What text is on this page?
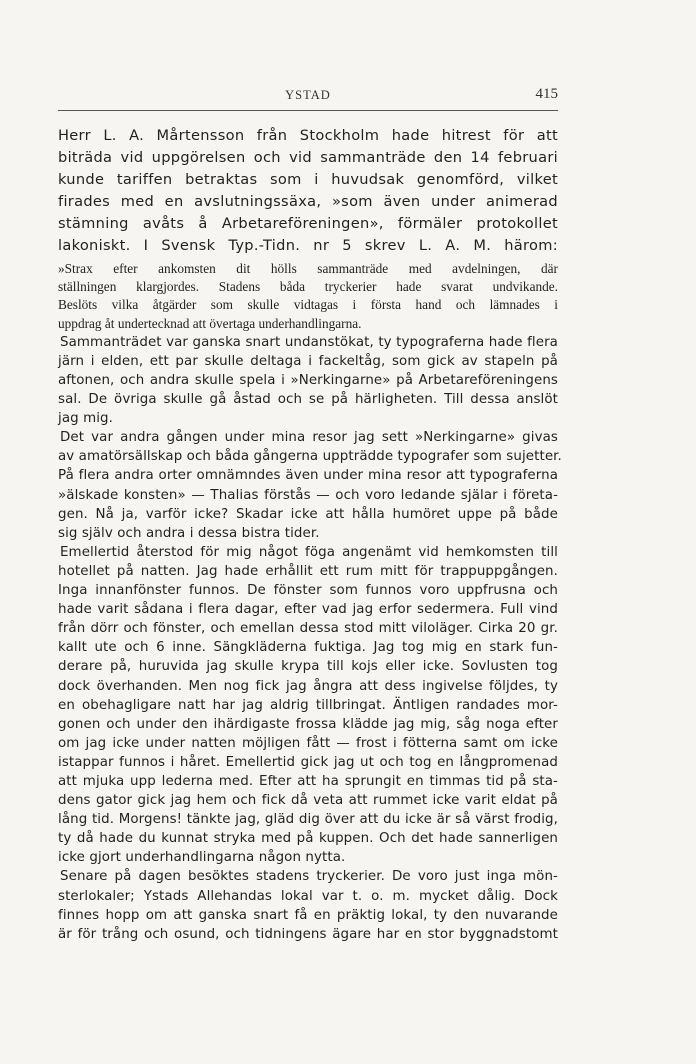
YSTAD	415
Herr L. A. Mårtensson från Stockholm hade hitrest för att
biträda vid uppgörelsen och vid sammanträde den 14 februari
kunde tariffen betraktas som i huvudsak genomförd, vilket
firades med en avslutningssäxa, »som även under animerad
stämning avåts å Arbetareföreningen», förmäler protokollet
lakoniskt. I Svensk Typ.-Tidn. nr 5 skrev L. A. M. härom:
»Strax efter ankomsten dit hölls sammanträde med avdelningen, där
ställningen klargjordes. Stadens båda tryckerier hade svarat undvikande.
Beslöts vilka åtgärder som skulle vidtagas i första hand och lämnades i
uppdrag åt undertecknad att övertaga underhandlingarna.
Sammanträdet var ganska snart undanstökat, ty typograferna hade flera
järn i elden, ett par skulle deltaga i fackeltåg, som gick av stapeln på
aftonen, och andra skulle spela i »Nerkingarne» på Arbetareföreningens
sal. De övriga skulle gå åstad och se på härligheten. Till dessa anslöt
jag mig.
Det var andra gången under mina resor jag sett »Nerkingarne» givas
av amatörsällskap och båda gångerna uppträdde typografer som sujetter.
På flera andra orter omnämndes även under mina resor att typograferna
»älskade konsten» — Thalias förstås — och voro ledande själar i företa-
gen. Nå ja, varför icke? Skadar icke att hålla humöret uppe på både
sig själv och andra i dessa bistra tider.
Emellertid återstod för mig något föga angenämt vid hemkomsten till
hotellet på natten. Jag hade erhållit ett rum mitt för trappuppgången.
Inga innanfönster funnos. De fönster som funnos voro uppfrusna och
hade varit sådana i flera dagar, efter vad jag erfor sedermera. Full vind
från dörr och fönster, och emellan dessa stod mitt viloläger. Cirka 20 gr.
kallt ute och 6 inne. Sängkläderna fuktiga. Jag tog mig en stark fun-
derare på, huruvida jag skulle krypa till kojs eller icke. Sovlusten tog
dock överhanden. Men nog fick jag ångra att dess ingivelse följdes, ty
en obehagligare natt har jag aldrig tillbringat. Äntligen randades mor-
gonen och under den ihärdigaste frossa klädde jag mig, såg noga efter
om jag icke under natten möjligen fått — frost i fötterna samt om icke
istappar funnos i håret. Emellertid gick jag ut och tog en långpromenad
att mjuka upp lederna med. Efter att ha sprungit en timmas tid på sta-
dens gator gick jag hem och fick då veta att rummet icke varit eldat på
lång tid. Morgens! tänkte jag, gläd dig över att du icke är så värst frodig,
ty då hade du kunnat stryka med på kuppen. Och det hade sannerligen
icke gjort underhandlingarna någon nytta.
Senare på dagen besöktes stadens tryckerier. De voro just inga mön-
sterlokaler; Ystads Allehandas lokal var t. o. m. mycket dålig. Dock
finnes hopp om att ganska snart få en präktig lokal, ty den nuvarande
är för trång och osund, och tidningens ägare har en stor byggnadstomt
